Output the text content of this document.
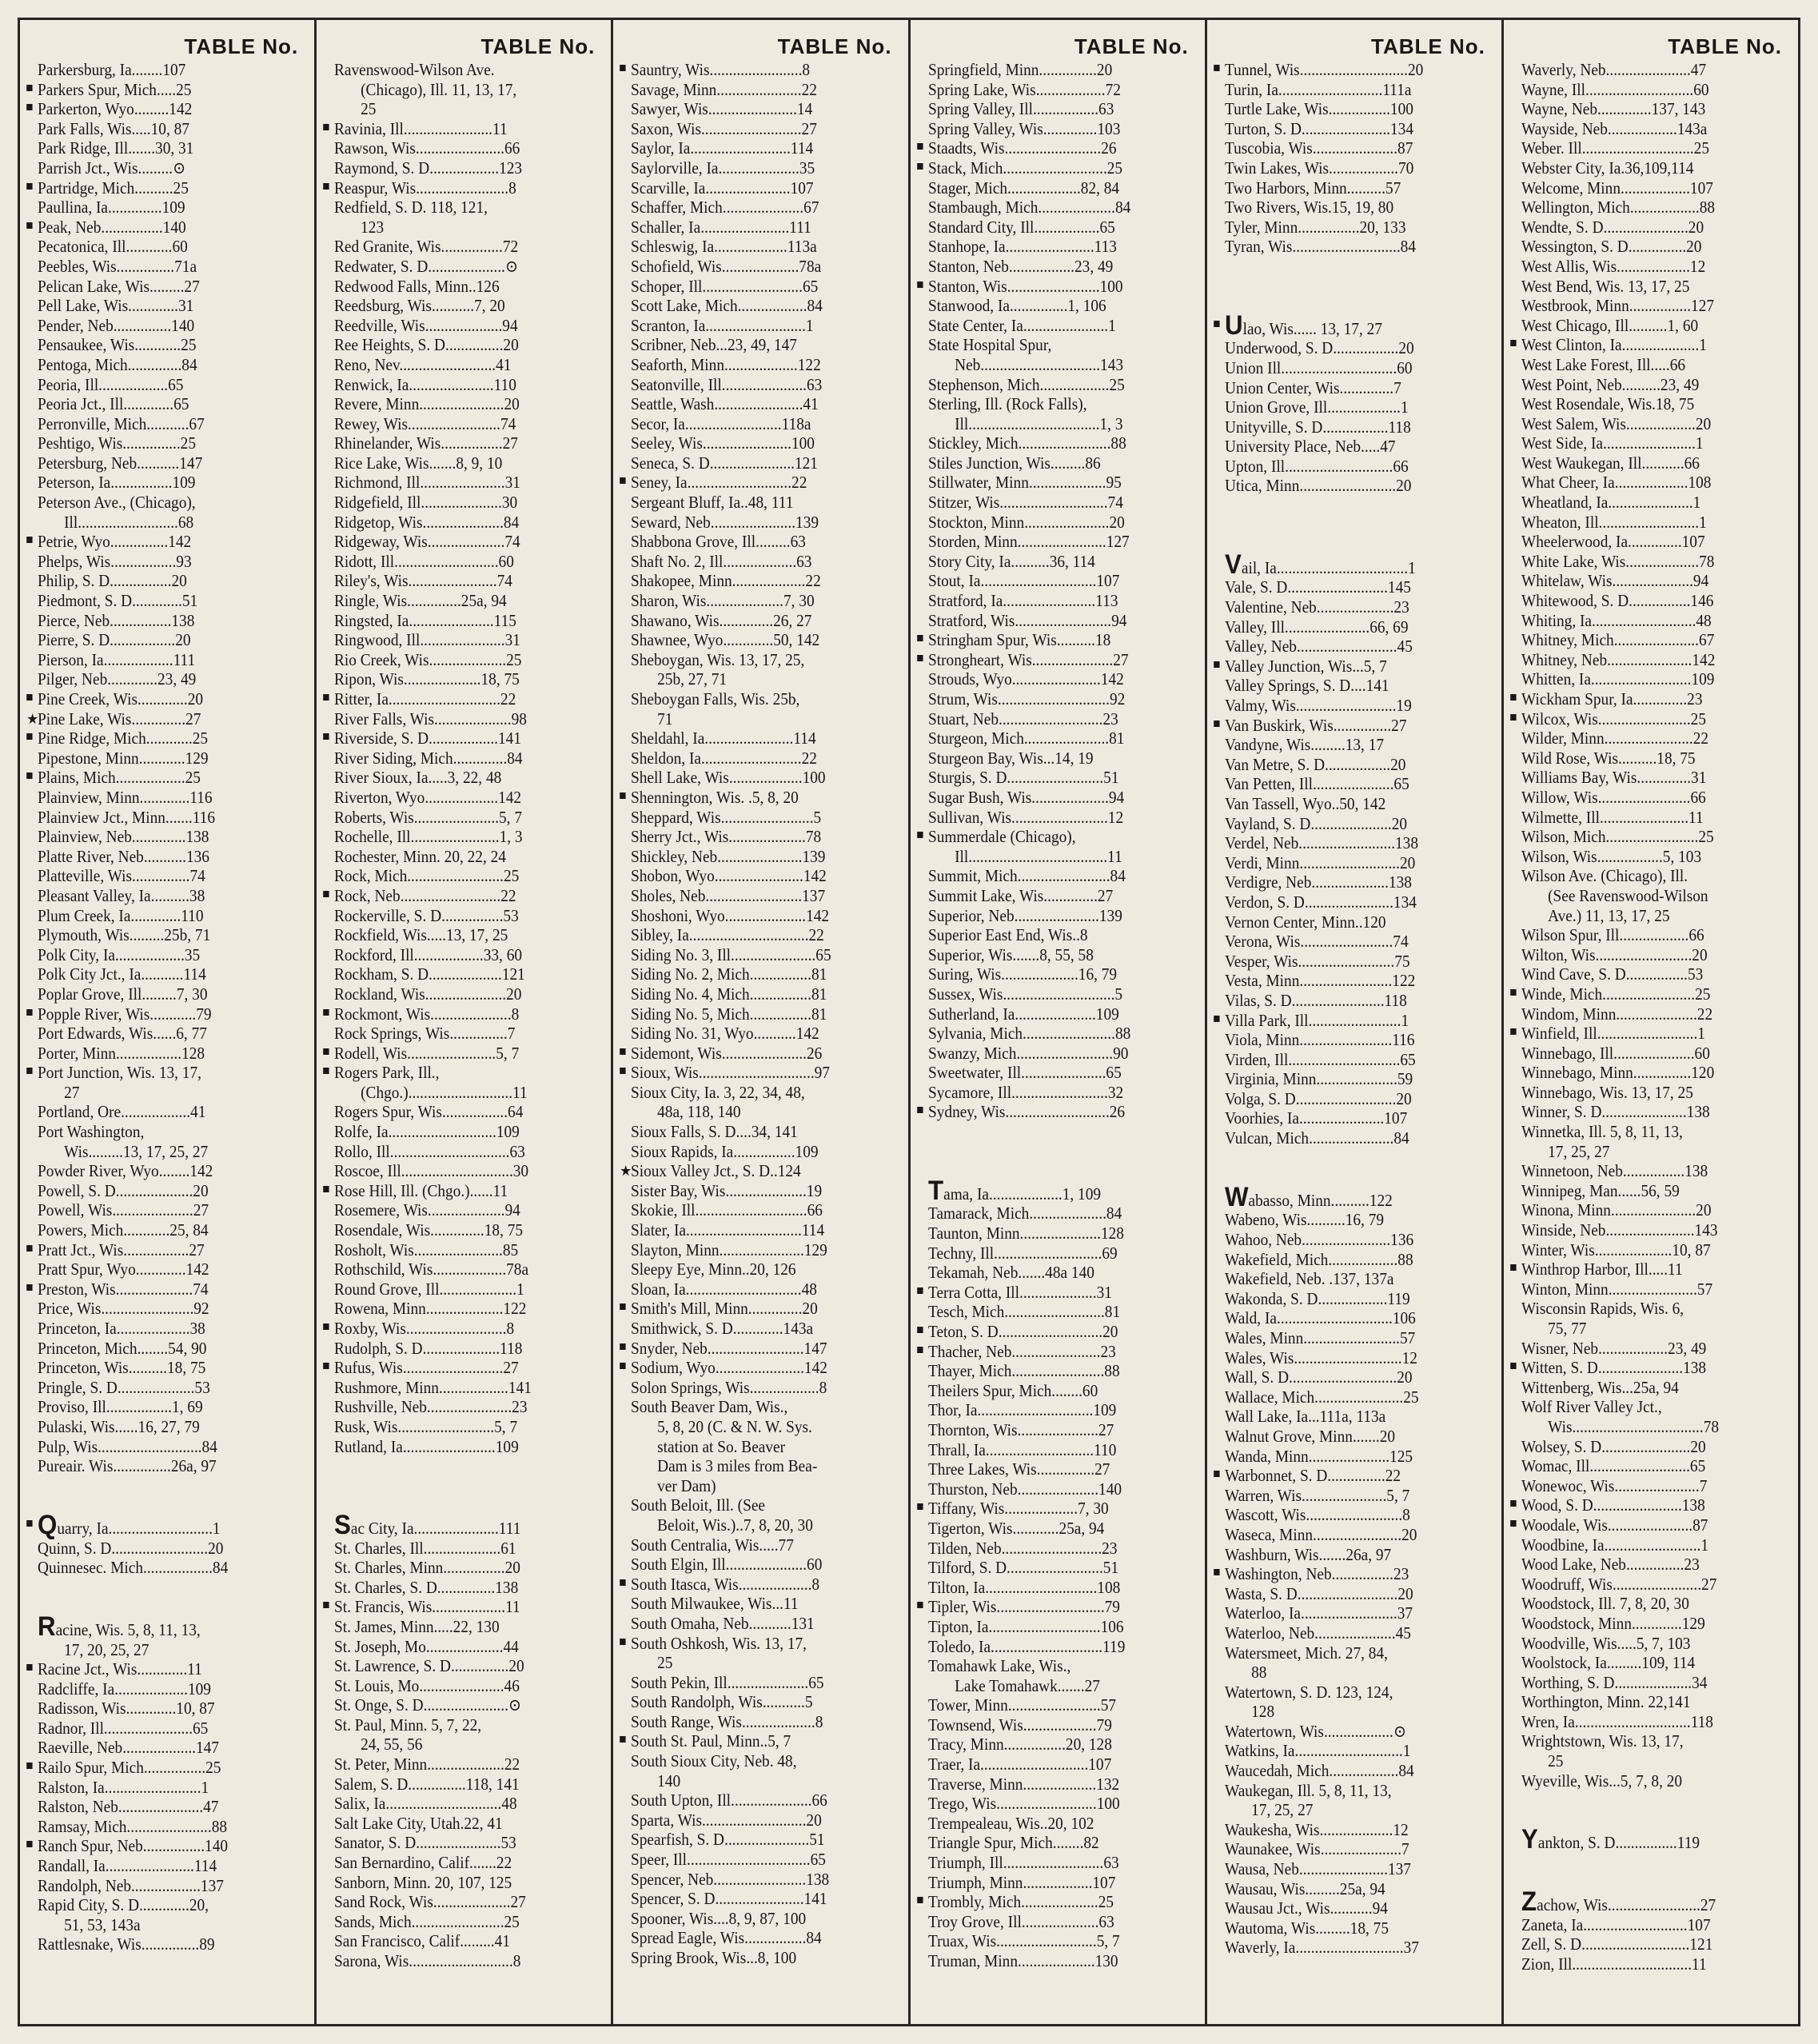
TABLE No.
Parkersburg, Ia........107
Parkers Spur, Mich.....25
Parkerton, Wyo.........142
Park Falls, Wis.....10, 87
Park Ridge, Ill.......30, 31
Parrish Jct., Wis.........⊙
Partridge, Mich..........25
Paullina, Ia..............109
Peak, Neb................140
Pecatonica, Ill............60
Peebles, Wis...............71a
Pelican Lake, Wis.........27
Pell Lake, Wis.............31
Pender, Neb...............140
Pensaukee, Wis............25
Pentoga, Mich..............84
Peoria, Ill..................65
Peoria Jct., Ill.............65
Perronville, Mich...........67
Peshtigo, Wis...............25
Petersburg, Neb...........147
Peterson, Ia................109
Peterson Ave., (Chicago),
Ill..........................68
Petrie, Wyo...............142
Phelps, Wis.................93
Philip, S. D................20
Piedmont, S. D.............51
Pierce, Neb................138
Pierre, S. D.................20
Pierson, Ia..................111
Pilger, Neb.............23, 49
Pine Creek, Wis.............20
★
Pine Lake, Wis..............27
Pine Ridge, Mich............25
Pipestone, Minn............129
Plains, Mich..................25
Plainview, Minn.............116
Plainview Jct., Minn.......116
Plainview, Neb..............138
Platte River, Neb...........136
Platteville, Wis...............74
Pleasant Valley, Ia..........38
Plum Creek, Ia.............110
Plymouth, Wis.........25b, 71
Polk City, Ia..................35
Polk City Jct., Ia...........114
Poplar Grove, Ill.........7, 30
Popple River, Wis............79
Port Edwards, Wis......6, 77
Porter, Minn.................128
Port Junction, Wis. 13, 17,
27
Portland, Ore..................41
Port Washington,
Wis.........13, 17, 25, 27
Powder River, Wyo........142
Powell, S. D....................20
Powell, Wis.....................27
Powers, Mich............25, 84
Pratt Jct., Wis.................27
Pratt Spur, Wyo.............142
Preston, Wis....................74
Price, Wis........................92
Princeton, Ia...................38
Princeton, Mich........54, 90
Princeton, Wis..........18, 75
Pringle, S. D....................53
Proviso, Ill.................1, 69
Pulaski, Wis......16, 27, 79
Pulp, Wis...........................84
Pureair. Wis...............26a, 97
Quarry, Ia...........................1
Quinn, S. D.........................20
Quinnesec. Mich..................84
Racine, Wis. 5, 8, 11, 13,
17, 20, 25, 27
Racine Jct., Wis.............11
Radcliffe, Ia...................109
Radisson, Wis.............10, 87
Radnor, Ill.......................65
Raeville, Neb...................147
Railo Spur, Mich................25
Ralston, Ia.........................1
Ralston, Neb......................47
Ramsay, Mich......................88
Ranch Spur, Neb................140
Randall, Ia.......................114
Randolph, Neb..................137
Rapid City, S. D.............20,
51, 53, 143a
Rattlesnake, Wis...............89
TABLE No.
Ravenswood-Wilson Ave.
(Chicago), Ill. 11, 13, 17,
25
Ravinia, Ill.......................11
Rawson, Wis.......................66
Raymond, S. D..................123
Reaspur, Wis........................8
Redfield, S. D. 118, 121,
123
Red Granite, Wis................72
Redwater, S. D....................⊙
Redwood Falls, Minn..126
Reedsburg, Wis...........7, 20
Reedville, Wis....................94
Ree Heights, S. D...............20
Reno, Nev.........................41
Renwick, Ia......................110
Revere, Minn......................20
Rewey, Wis........................74
Rhinelander, Wis................27
Rice Lake, Wis.......8, 9, 10
Richmond, Ill......................31
Ridgefield, Ill.....................30
Ridgetop, Wis.....................84
Ridgeway, Wis....................74
Ridott, Ill...........................60
Riley's, Wis.......................74
Ringle, Wis..............25a, 94
Ringsted, Ia......................115
Ringwood, Ill......................31
Rio Creek, Wis....................25
Ripon, Wis....................18, 75
Ritter, Ia.............................22
River Falls, Wis....................98
Riverside, S. D..................141
River Siding, Mich..............84
River Sioux, Ia.....3, 22, 48
Riverton, Wyo...................142
Roberts, Wis......................5, 7
Rochelle, Ill.......................1, 3
Rochester, Minn. 20, 22, 24
Rock, Mich.........................25
Rock, Neb..........................22
Rockerville, S. D................53
Rockfield, Wis.....13, 17, 25
Rockford, Ill..................33, 60
Rockham, S. D...................121
Rockland, Wis.....................20
Rockmont, Wis.....................8
Rock Springs, Wis...............7
Rodell, Wis.......................5, 7
Rogers Park, Ill.,
(Chgo.)...........................11
Rogers Spur, Wis.................64
Rolfe, Ia............................109
Rollo, Ill...............................63
Roscoe, Ill.............................30
Rose Hill, Ill. (Chgo.)......11
Rosemere, Wis....................94
Rosendale, Wis..............18, 75
Rosholt, Wis.......................85
Rothschild, Wis...................78a
Round Grove, Ill....................1
Rowena, Minn....................122
Roxby, Wis..........................8
Rudolph, S. D....................118
Rufus, Wis..........................27
Rushmore, Minn..................141
Rushville, Neb......................23
Rusk, Wis.........................5, 7
Rutland, Ia........................109
Sac City, Ia......................111
St. Charles, Ill....................61
St. Charles, Minn................20
St. Charles, S. D...............138
St. Francis, Wis...................11
St. James, Minn.....22, 130
St. Joseph, Mo....................44
St. Lawrence, S. D...............20
St. Louis, Mo......................46
St. Onge, S. D......................⊙
St. Paul, Minn. 5, 7, 22,
24, 55, 56
St. Peter, Minn....................22
Salem, S. D...............118, 141
Salix, Ia..............................48
Salt Lake City, Utah.22, 41
Sanator, S. D......................53
San Bernardino, Calif.......22
Sanborn, Minn. 20, 107, 125
Sand Rock, Wis....................27
Sands, Mich........................25
San Francisco, Calif.........41
Sarona, Wis...........................8
TABLE No.
Sauntry, Wis........................8
Savage, Minn......................22
Sawyer, Wis.......................14
Saxon, Wis..........................27
Saylor, Ia..........................114
Saylorville, Ia.....................35
Scarville, Ia......................107
Schaffer, Mich.....................67
Schaller, Ia.......................111
Schleswig, Ia...................113a
Schofield, Wis....................78a
Schoper, Ill..........................65
Scott Lake, Mich..................84
Scranton, Ia..........................1
Scribner, Neb...23, 49, 147
Seaforth, Minn...................122
Seatonville, Ill......................63
Seattle, Wash.......................41
Secor, Ia.........................118a
Seeley, Wis.......................100
Seneca, S. D......................121
Seney, Ia...........................22
Sergeant Bluff, Ia..48, 111
Seward, Neb......................139
Shabbona Grove, Ill.........63
Shaft No. 2, Ill...................63
Shakopee, Minn...................22
Sharon, Wis....................7, 30
Shawano, Wis..............26, 27
Shawnee, Wyo.............50, 142
Sheboygan, Wis. 13, 17, 25,
25b, 27, 71
Sheboygan Falls, Wis. 25b,
71
Sheldahl, Ia.......................114
Sheldon, Ia..........................22
Shell Lake, Wis...................100
Shennington, Wis. .5, 8, 20
Sheppard, Wis........................5
Sherry Jct., Wis....................78
Shickley, Neb......................139
Shobon, Wyo.......................142
Sholes, Neb.........................137
Shoshoni, Wyo.....................142
Sibley, Ia...............................22
Siding No. 3, Ill......................65
Siding No. 2, Mich................81
Siding No. 4, Mich................81
Siding No. 5, Mich................81
Siding No. 31, Wyo...........142
Sidemont, Wis......................26
Sioux, Wis..............................97
Sioux City, Ia. 3, 22, 34, 48,
48a, 118, 140
Sioux Falls, S. D....34, 141
Sioux Rapids, Ia................109
★
Sioux Valley Jct., S. D..124
Sister Bay, Wis.....................19
Skokie, Ill.............................66
Slater, Ia..............................114
Slayton, Minn......................129
Sleepy Eye, Minn..20, 126
Sloan, Ia..............................48
Smith's Mill, Minn..............20
Smithwick, S. D.............143a
Snyder, Neb.........................147
Sodium, Wyo.......................142
Solon Springs, Wis..................8
South Beaver Dam, Wis.,
5, 8, 20 (C. & N. W. Sys.
station at So. Beaver
Dam is 3 miles from Bea-
ver Dam)
South Beloit, Ill. (See
Beloit, Wis.)..7, 8, 20, 30
South Centralia, Wis.....77
South Elgin, Ill.....................60
South Itasca, Wis...................8
South Milwaukee, Wis...11
South Omaha, Neb...........131
South Oshkosh, Wis. 13, 17,
25
South Pekin, Ill.....................65
South Randolph, Wis...........5
South Range, Wis...................8
South St. Paul, Minn..5, 7
South Sioux City, Neb. 48,
140
South Upton, Ill.....................66
Sparta, Wis...........................20
Spearfish, S. D......................51
Speer, Ill................................65
Spencer, Neb........................138
Spencer, S. D.......................141
Spooner, Wis....8, 9, 87, 100
Spread Eagle, Wis................84
Spring Brook, Wis...8, 100
TABLE No.
Springfield, Minn...............20
Spring Lake, Wis..................72
Spring Valley, Ill.................63
Spring Valley, Wis..............103
Staadts, Wis.........................26
Stack, Mich...........................25
Stager, Mich...................82, 84
Stambaugh, Mich....................84
Standard City, Ill.................65
Stanhope, Ia.......................113
Stanton, Neb.................23, 49
Stanton, Wis........................100
Stanwood, Ia...............1, 106
State Center, Ia......................1
State Hospital Spur,
Neb...............................143
Stephenson, Mich..................25
Sterling, Ill. (Rock Falls),
Ill..................................1, 3
Stickley, Mich........................88
Stiles Junction, Wis.........86
Stillwater, Minn....................95
Stitzer, Wis............................74
Stockton, Minn......................20
Storden, Minn.......................127
Story City, Ia..........36, 114
Stout, Ia..............................107
Stratford, Ia........................113
Stratford, Wis.........................94
Stringham Spur, Wis..........18
Strongheart, Wis.....................27
Strouds, Wyo.......................142
Strum, Wis.............................92
Stuart, Neb...........................23
Sturgeon, Mich......................81
Sturgeon Bay, Wis...14, 19
Sturgis, S. D.........................51
Sugar Bush, Wis....................94
Sullivan, Wis.........................12
Summerdale (Chicago),
Ill....................................11
Summit, Mich........................84
Summit Lake, Wis..............27
Superior, Neb......................139
Superior East End, Wis..8
Superior, Wis.......8, 55, 58
Suring, Wis....................16, 79
Sussex, Wis.............................5
Sutherland, Ia.....................109
Sylvania, Mich........................88
Swanzy, Mich.........................90
Sweetwater, Ill......................65
Sycamore, Ill.........................32
Sydney, Wis...........................26
Tama, Ia...................1, 109
Tamarack, Mich....................84
Taunton, Minn.....................128
Techny, Ill............................69
Tekamah, Neb.......48a 140
Terra Cotta, Ill....................31
Tesch, Mich..........................81
Teton, S. D...........................20
Thacher, Neb.......................23
Thayer, Mich........................88
Theilers Spur, Mich........60
Thor, Ia..............................109
Thornton, Wis.....................27
Thrall, Ia............................110
Three Lakes, Wis...............27
Thurston, Neb.....................140
Tiffany, Wis...................7, 30
Tigerton, Wis............25a, 94
Tilden, Neb..........................23
Tilford, S. D.........................51
Tilton, Ia.............................108
Tipler, Wis............................79
Tipton, Ia.............................106
Toledo, Ia.............................119
Tomahawk Lake, Wis.,
Lake Tomahawk.......27
Tower, Minn........................57
Townsend, Wis...................79
Tracy, Minn................20, 128
Traer, Ia............................107
Traverse, Minn...................132
Trego, Wis..........................100
Trempealeau, Wis..20, 102
Triangle Spur, Mich........82
Triumph, Ill..........................63
Triumph, Minn..................107
Trombly, Mich....................25
Troy Grove, Ill....................63
Truax, Wis..........................5, 7
Truman, Minn....................130
TABLE No.
Tunnel, Wis............................20
Turin, Ia...........................111a
Turtle Lake, Wis................100
Turton, S. D.......................134
Tuscobia, Wis......................87
Twin Lakes, Wis..................70
Two Harbors, Minn..........57
Two Rivers, Wis.15, 19, 80
Tyler, Minn................20, 133
Tyran, Wis............................84
Ulao, Wis...... 13, 17, 27
Underwood, S. D.................20
Union Ill..............................60
Union Center, Wis..............7
Union Grove, Ill...................1
Unityville, S. D.................118
University Place, Neb.....47
Upton, Ill............................66
Utica, Minn.........................20
Vail, Ia..................................1
Vale, S. D..........................145
Valentine, Neb....................23
Valley, Ill......................66, 69
Valley, Neb..........................45
Valley Junction, Wis...5, 7
Valley Springs, S. D....141
Valmy, Wis..........................19
Van Buskirk, Wis...............27
Vandyne, Wis.........13, 17
Van Metre, S. D.................20
Van Petten, Ill.....................65
Van Tassell, Wyo..50, 142
Vayland, S. D.....................20
Verdel, Neb.........................138
Verdi, Minn..........................20
Verdigre, Neb....................138
Verdon, S. D.......................134
Vernon Center, Minn..120
Verona, Wis........................74
Vesper, Wis.........................75
Vesta, Minn........................122
Vilas, S. D........................118
Villa Park, Ill........................1
Viola, Minn........................116
Virden, Ill.............................65
Virginia, Minn.....................59
Volga, S. D..........................20
Voorhies, Ia......................107
Vulcan, Mich......................84
Wabasso, Minn..........122
Wabeno, Wis..........16, 79
Wahoo, Neb.......................136
Wakefield, Mich..................88
Wakefield, Neb. .137, 137a
Wakonda, S. D..................119
Wald, Ia..............................106
Wales, Minn.........................57
Wales, Wis............................12
Wall, S. D............................20
Wallace, Mich.......................25
Wall Lake, Ia...111a, 113a
Walnut Grove, Minn.......20
Wanda, Minn.....................125
Warbonnet, S. D...............22
Warren, Wis......................5, 7
Wascott, Wis.........................8
Waseca, Minn.......................20
Washburn, Wis.......26a, 97
Washington, Neb................23
Wasta, S. D..........................20
Waterloo, Ia.........................37
Waterloo, Neb.....................45
Watersmeet, Mich. 27, 84,
88
Watertown, S. D. 123, 124,
128
Watertown, Wis..................⊙
Watkins, Ia............................1
Waucedah, Mich..................84
Waukegan, Ill. 5, 8, 11, 13,
17, 25, 27
Waukesha, Wis...................12
Waunakee, Wis.....................7
Wausa, Neb.......................137
Wausau, Wis.........25a, 94
Wausau Jct., Wis...........94
Wautoma, Wis.........18, 75
Waverly, Ia............................37
TABLE No.
Waverly, Neb......................47
Wayne, Ill............................60
Wayne, Neb..............137, 143
Wayside, Neb..................143a
Weber. Ill.............................25
Webster City, Ia.36,109,114
Welcome, Minn..................107
Wellington, Mich..................88
Wendte, S. D......................20
Wessington, S. D...............20
West Allis, Wis...................12
West Bend, Wis. 13, 17, 25
Westbrook, Minn................127
West Chicago, Ill..........1, 60
West Clinton, Ia....................1
West Lake Forest, Ill.....66
West Point, Neb..........23, 49
West Rosendale, Wis.18, 75
West Salem, Wis..................20
West Side, Ia........................1
West Waukegan, Ill...........66
What Cheer, Ia...................108
Wheatland, Ia......................1
Wheaton, Ill..........................1
Wheelerwood, Ia..............107
White Lake, Wis...................78
Whitelaw, Wis.....................94
Whitewood, S. D................146
Whiting, Ia...........................48
Whitney, Mich......................67
Whitney, Neb......................142
Whitten, Ia..........................109
Wickham Spur, Ia..............23
Wilcox, Wis........................25
Wilder, Minn.......................22
Wild Rose, Wis..........18, 75
Williams Bay, Wis..............31
Willow, Wis........................66
Wilmette, Ill.......................11
Wilson, Mich........................25
Wilson, Wis.................5, 103
Wilson Ave. (Chicago), Ill.
(See Ravenswood-Wilson
Ave.) 11, 13, 17, 25
Wilson Spur, Ill..................66
Wilton, Wis.........................20
Wind Cave, S. D................53
Winde, Mich........................25
Windom, Minn.....................22
Winfield, Ill..........................1
Winnebago, Ill.....................60
Winnebago, Minn...............120
Winnebago, Wis. 13, 17, 25
Winner, S. D......................138
Winnetka, Ill. 5, 8, 11, 13,
17, 25, 27
Winnetoon, Neb................138
Winnipeg, Man......56, 59
Winona, Minn......................20
Winside, Neb.......................143
Winter, Wis....................10, 87
Winthrop Harbor, Ill.....11
Winton, Minn.......................57
Wisconsin Rapids, Wis. 6,
75, 77
Wisner, Neb..................23, 49
Witten, S. D......................138
Wittenberg, Wis...25a, 94
Wolf River Valley Jct.,
Wis..................................78
Wolsey, S. D.......................20
Womac, Ill..........................65
Wonewoc, Wis......................7
Wood, S. D.......................138
Woodale, Wis......................87
Woodbine, Ia.........................1
Wood Lake, Neb...............23
Woodruff, Wis.......................27
Woodstock, Ill. 7, 8, 20, 30
Woodstock, Minn.............129
Woodville, Wis.....5, 7, 103
Woolstock, Ia.........109, 114
Worthing, S. D....................34
Worthington, Minn. 22,141
Wren, Ia..............................118
Wrightstown, Wis. 13, 17,
25
Wyeville, Wis...5, 7, 8, 20
Yankton, S. D................119
Zachow, Wis........................27
Zaneta, Ia...........................107
Zell, S. D............................121
Zion, Ill...............................11
